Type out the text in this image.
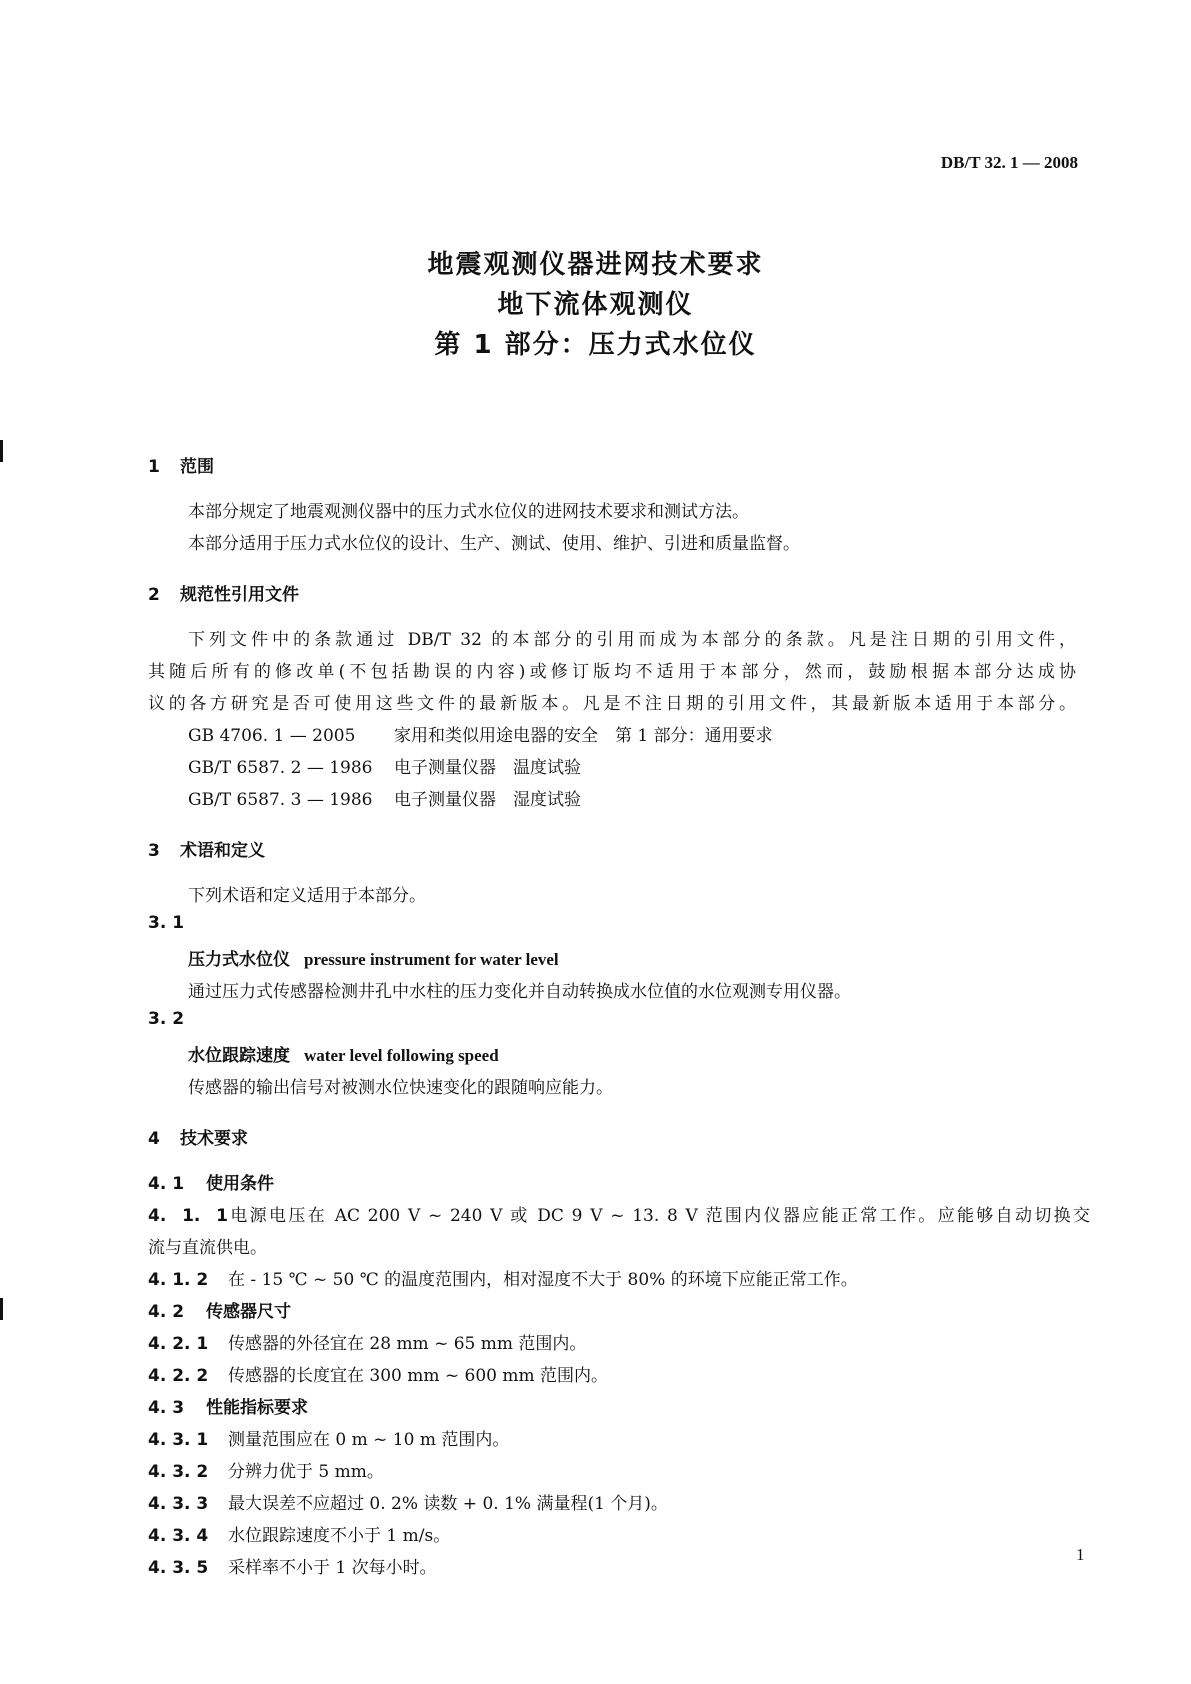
DB/T 32. 1 — 2008
地震观测仪器进网技术要求
地下流体观测仪
第 1 部分：压力式水位仪
1 范围
本部分规定了地震观测仪器中的压力式水位仪的进网技术要求和测试方法。
本部分适用于压力式水位仪的设计、生产、测试、使用、维护、引进和质量监督。
2 规范性引用文件
下列文件中的条款通过 DB/T 32 的本部分的引用而成为本部分的条款。凡是注日期的引用文件，
其随后所有的修改单(不包括勘误的内容)或修订版均不适用于本部分，然而，鼓励根据本部分达成协
议的各方研究是否可使用这些文件的最新版本。凡是不注日期的引用文件，其最新版本适用于本部分。
GB 4706. 1 — 2005 家用和类似用途电器的安全　第 1 部分：通用要求
GB/T 6587. 2 — 1986 电子测量仪器　温度试验
GB/T 6587. 3 — 1986 电子测量仪器　湿度试验
3 术语和定义
下列术语和定义适用于本部分。
3. 1
压力式水位仪 pressure instrument for water level
通过压力式传感器检测井孔中水柱的压力变化并自动转换成水位值的水位观测专用仪器。
3. 2
水位跟踪速度 water level following speed
传感器的输出信号对被测水位快速变化的跟随响应能力。
4 技术要求
4. 1 使用条件
4. 1. 1电源电压在 AC 200 V ~ 240 V 或 DC 9 V ~ 13. 8 V 范围内仪器应能正常工作。应能够自动切换交
流与直流供电。
4. 1. 2 在 - 15 ℃ ~ 50 ℃ 的温度范围内，相对湿度不大于 80% 的环境下应能正常工作。
4. 2 传感器尺寸
4. 2. 1 传感器的外径宜在 28 mm ~ 65 mm 范围内。
4. 2. 2 传感器的长度宜在 300 mm ~ 600 mm 范围内。
4. 3 性能指标要求
4. 3. 1 测量范围应在 0 m ~ 10 m 范围内。
4. 3. 2 分辨力优于 5 mm。
4. 3. 3 最大误差不应超过 0. 2% 读数 + 0. 1% 满量程(1 个月)。
4. 3. 4 水位跟踪速度不小于 1 m/s。
4. 3. 5 采样率不小于 1 次每小时。
1
